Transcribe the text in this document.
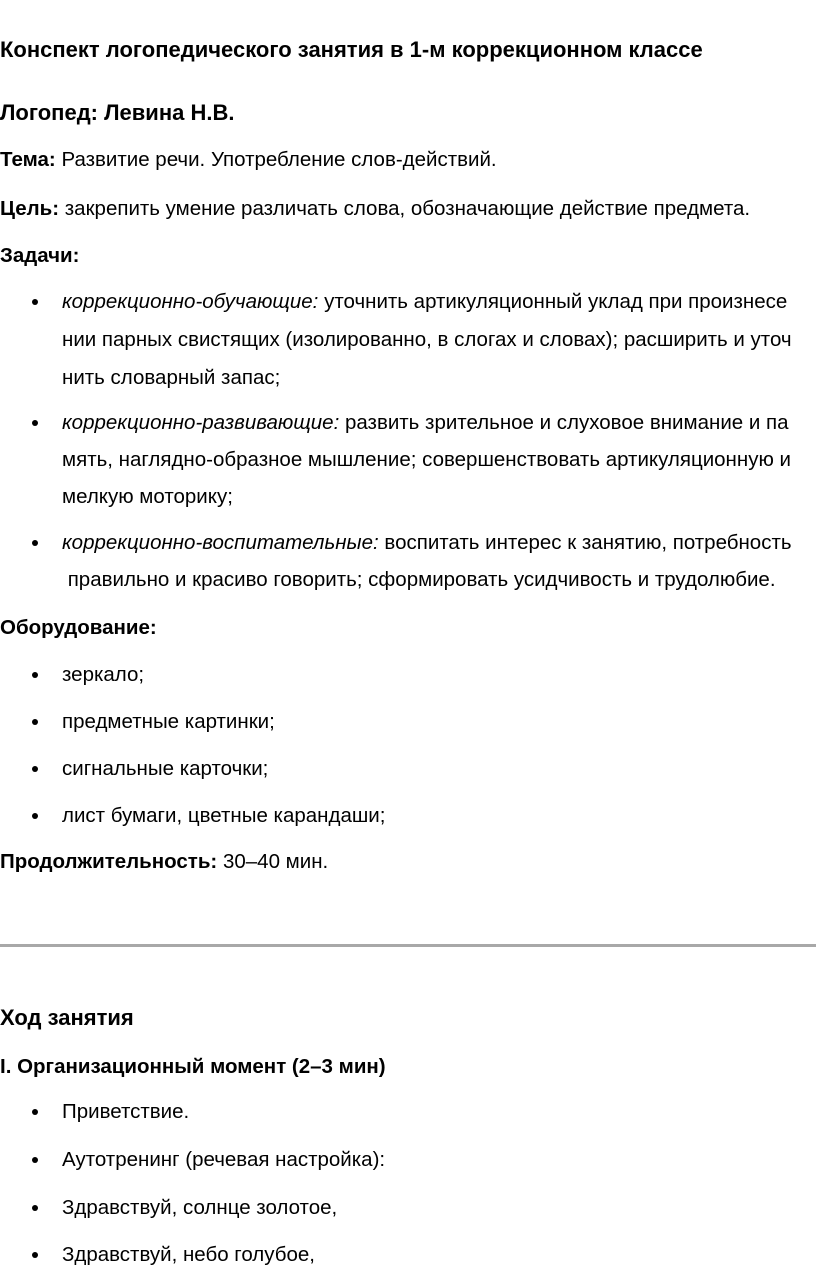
Конспект логопедического занятия в 1-м коррекционном классе
Логопед: Левина Н.В.
Тема: Развитие речи. Употребление слов-действий.
Цель: закрепить умение различать слова, обозначающие действие предмета.
Задачи:
коррекционно-обучающие: уточнить артикуляционный уклад при произнесе
нии парных свистящих (изолированно, в слогах и словах); расширить и уточ
нить словарный запас;
коррекционно-развивающие: развить зрительное и слуховое внимание и па
мять, наглядно-образное мышление; совершенствовать артикуляционную и
мелкую моторику;
коррекционно-воспитательные: воспитать интерес к занятию, потребность
правильно и красиво говорить; сформировать усидчивость и трудолюбие.
Оборудование:
зеркало;
предметные картинки;
сигнальные карточки;
лист бумаги, цветные карандаши;
Продолжительность: 30–40 мин.
Ход занятия
I. Организационный момент (2–3 мин)
Приветствие.
Аутотренинг (речевая настройка):
Здравствуй, солнце золотое,
Здравствуй, небо голубое,
